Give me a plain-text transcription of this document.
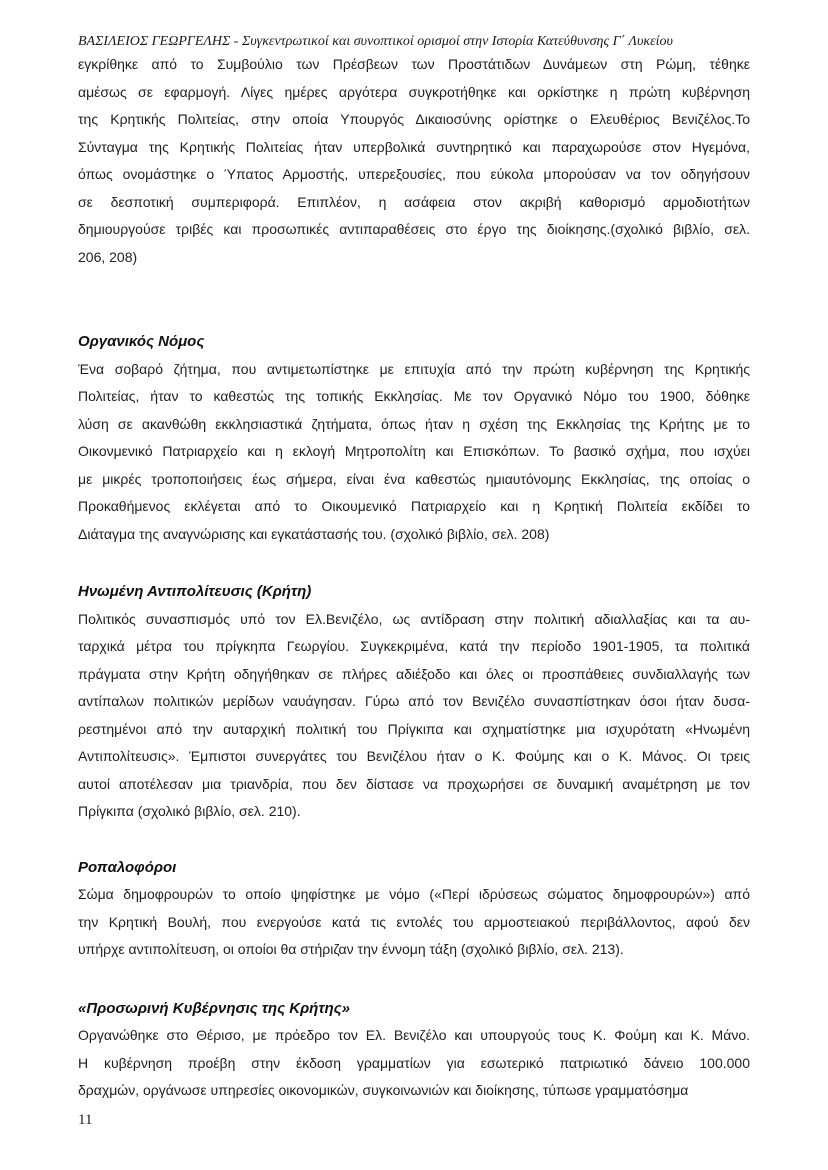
ΒΑΣΙΛΕΙΟΣ ΓΕΩΡΓΕΛΗΣ - Συγκεντρωτικοί και συνοπτικοί ορισμοί στην Ιστορία Κατεύθυνσης Γ΄ Λυκείου
εγκρίθηκε από το Συμβούλιο των Πρέσβεων των Προστάτιδων Δυνάμεων στη Ρώμη, τέθηκε
αμέσως σε εφαρμογή. Λίγες ημέρες αργότερα συγκροτήθηκε και ορκίστηκε η πρώτη κυβέρνηση
της Κρητικής Πολιτείας, στην οποία Υπουργός Δικαιοσύνης ορίστηκε ο Ελευθέριος Βενιζέλος.Το
Σύνταγμα της Κρητικής Πολιτείας ήταν υπερβολικά συντηρητικό και παραχωρούσε στον Ηγεμόνα,
όπως ονομάστηκε ο Ύπατος Αρμοστής, υπερεξουσίες, που εύκολα μπορούσαν να τον οδηγήσουν
σε δεσποτική συμπεριφορά. Επιπλέον, η ασάφεια στον ακριβή καθορισμό αρμοδιοτήτων
δημιουργούσε τριβές και προσωπικές αντιπαραθέσεις στο έργο της διοίκησης.(σχολικό βιβλίο, σελ.
206, 208)
Οργανικός Νόμος
Ένα σοβαρό ζήτημα, που αντιμετωπίστηκε με επιτυχία από την πρώτη κυβέρνηση της Κρητικής
Πολιτείας, ήταν το καθεστώς της τοπικής Εκκλησίας. Με τον Οργανικό Νόμο του 1900, δόθηκε
λύση σε ακανθώθη εκκλησιαστικά ζητήματα, όπως ήταν η σχέση της Εκκλησίας της Κρήτης με το
Οικονμενικό Πατριαρχείο και η εκλογή Μητροπολίτη και Επισκόπων. Το βασικό σχήμα, που ισχύει
με μικρές τροποποιήσεις έως σήμερα, είναι ένα καθεστώς ημιαυτόνομης Εκκλησίας, της οποίας ο
Προκαθήμενος εκλέγεται από το Οικουμενικό Πατριαρχείο και η Κρητική Πολιτεία εκδίδει το
Διάταγμα της αναγνώρισης και εγκατάστασής του. (σχολικό βιβλίο, σελ. 208)
Ηνωμένη Αντιπολίτευσις (Κρήτη)
Πολιτικός συνασπισμός υπό τον Ελ.Βενιζέλο, ως αντίδραση στην πολιτική αδιαλλαξίας και τα αυ-
ταρχικά μέτρα του πρίγκηπα Γεωργίου. Συγκεκριμένα, κατά την περίοδο 1901-1905, τα πολιτικά
πράγματα στην Κρήτη οδηγήθηκαν σε πλήρες αδιέξοδο και όλες οι προσπάθειες συνδιαλλαγής των
αντίπαλων πολιτικών μερίδων ναυάγησαν. Γύρω από τον Βενιζέλο συνασπίστηκαν όσοι ήταν δυσα-
ρεστημένοι από την αυταρχική πολιτική του Πρίγκιπα και σχηματίστηκε μια ισχυρότατη «Ηνωμένη
Αντιπολίτευσις». Έμπιστοι συνεργάτες του Βενιζέλου ήταν ο Κ. Φούμης και ο Κ. Μάνος. Οι τρεις
αυτοί αποτέλεσαν μια τριανδρία, που δεν δίστασε να προχωρήσει σε δυναμική αναμέτρηση με τον
Πρίγκιπα (σχολικό βιβλίο, σελ. 210).
Ροπαλοφόροι
Σώμα δημοφρουρών το οποίο ψηφίστηκε με νόμο («Περί ιδρύσεως σώματος δημοφρουρών») από
την Κρητική Βουλή, που ενεργούσε κατά τις εντολές του αρμοστειακού περιβάλλοντος, αφού δεν
υπήρχε αντιπολίτευση, οι οποίοι θα στήριζαν την έννομη τάξη (σχολικό βιβλίο, σελ. 213).
«Προσωρινή Κυβέρνησις της Κρήτης»
Οργανώθηκε στο Θέρισο, με πρόεδρο τον Ελ. Βενιζέλο και υπουργούς τους Κ. Φούμη και Κ. Μάνο.
Η κυβέρνηση προέβη στην έκδοση γραμματίων για εσωτερικό πατριωτικό δάνειο 100.000
δραχμών, οργάνωσε υπηρεσίες οικονομικών, συγκοινωνιών και διοίκησης, τύπωσε γραμματόσημα
11
